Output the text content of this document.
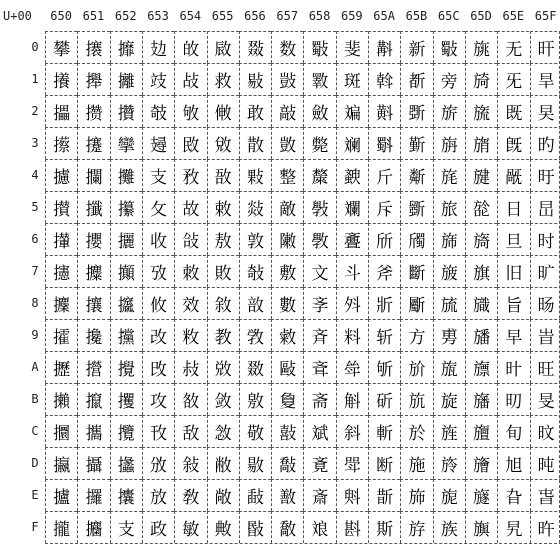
U+00	650 651 652 653 654 655 656 657 658 659 65A 65B 65C 65D 65E 65F
0 攀 攐 攠 攰 敀 敐 敠 数 斀 斐 斠 新 斀 旐 无 旰
1 攁 攑 攡 攱 敁 救 敡 敱 斁 斑 斡 斱 旁 旑 旡 旱
2 攂 攒 攢 攲 敂 敒 敢 敲 斂 斒 斢 斲 旂 旒 既 旲
3 攃 攓 攣 攳 敃 敓 散 敳 斃 斓 斣 斳 旃 旓 旣 旳
4 攄 攔 攤 支 敄 敔 敤 整 斄 斔 斤 斴 旄 旔 旤 旴
5 攅 攕 攥 攵 故 敕 敥 敵 斅 斕 斥 斵 旅 旕 日 旵
6 攆 攖 攦 收 敆 敖 敦 敶 斆 斖 斦 斶 旆 旖 旦 时
7 攇 攗 攧 攷 敇 敗 敧 敷 文 斗 斧 斷 旇 旗 旧 旷
8 攈 攘 攨 攸 效 敘 敨 數 斈 斘 斨 斸 旈 旘 旨 旸
9 攉 攙 攩 改 敉 教 敩 敹 斉 料 斩 方 旉 旙 早 旹
A 攊 攚 攪 攺 敊 敚 敪 敺 斊 斚 斪 斺 旊 旚 旪 旺
B 攋 攛 攫 攻 敋 敛 敫 敻 斋 斛 斫 斻 旋 旛 旫 旻
C 攌 攜 攬 攼 敌 敜 敬 敼 斌 斜 斬 於 旌 旜 旬 旼
D 攍 攝 攭 攽 敍 敝 敭 敽 斍 斝 断 施 旍 旝 旭 旽
E 攎 攞 攮 放 敎 敞 敮 敾 斎 斞 斮 斾 旎 旞 旮 旾
F 攏 攟 支 政 敏 敟 敯 敿 斏 斟 斯 斿 族 旟 旯 旿
